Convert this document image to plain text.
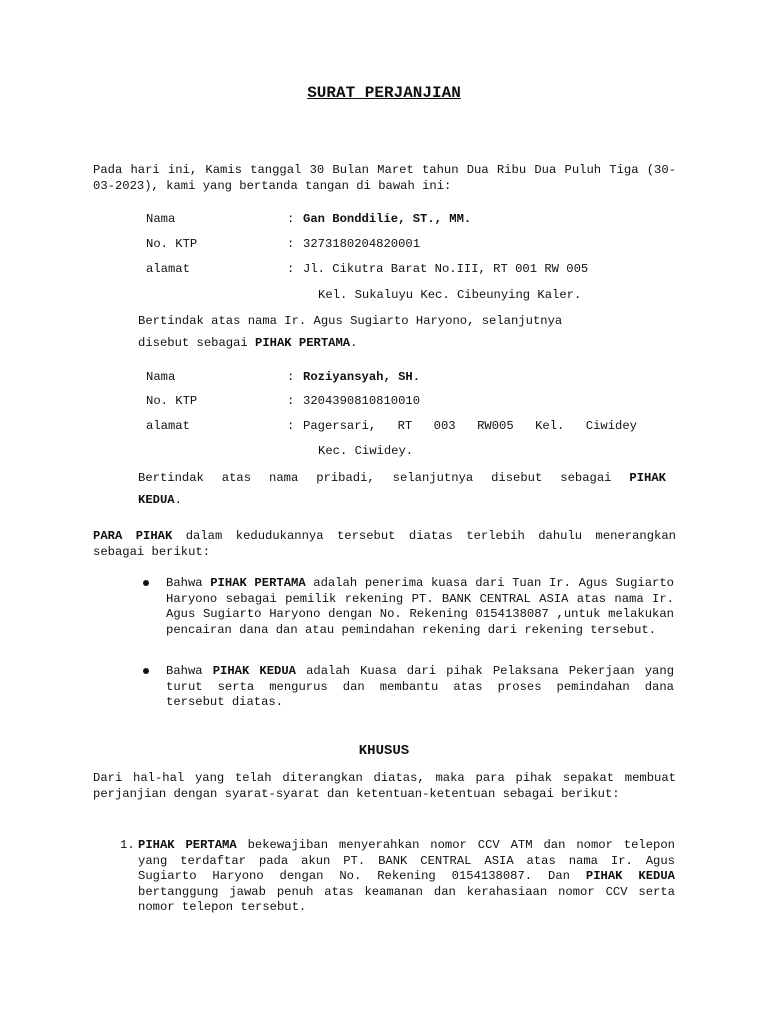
SURAT PERJANJIAN
Pada hari ini, Kamis tanggal 30 Bulan Maret tahun Dua Ribu Dua Puluh Tiga (30-03-2023), kami yang bertanda tangan di bawah ini:
Nama	: Gan Bonddilie, ST., MM.
No. KTP	: 3273180204820001
alamat	: Jl. Cikutra Barat No.III, RT 001 RW 005
Kel. Sukaluyu Kec. Cibeunying Kaler.
Bertindak atas nama Ir. Agus Sugiarto Haryono, selanjutnya
disebut sebagai PIHAK PERTAMA.
Nama	: Roziyansyah, SH.
No. KTP	: 3204390810810010
alamat	: Pagersari, RT 003 RW005 Kel. Ciwidey
Kec. Ciwidey.
Bertindak atas nama pribadi, selanjutnya disebut sebagai PIHAK
KEDUA.
PARA PIHAK dalam kedudukannya tersebut diatas terlebih dahulu menerangkan sebagai berikut:
Bahwa PIHAK PERTAMA adalah penerima kuasa dari Tuan Ir. Agus Sugiarto Haryono sebagai pemilik rekening PT. BANK CENTRAL ASIA atas nama Ir. Agus Sugiarto Haryono dengan No. Rekening 0154138087 ,untuk melakukan pencairan dana dan atau pemindahan rekening dari rekening tersebut.
Bahwa PIHAK KEDUA adalah Kuasa dari pihak Pelaksana Pekerjaan yang turut serta mengurus dan membantu atas proses pemindahan dana tersebut diatas.
KHUSUS
Dari hal-hal yang telah diterangkan diatas, maka para pihak sepakat membuat perjanjian dengan syarat-syarat dan ketentuan-ketentuan sebagai berikut:
1. PIHAK PERTAMA bekewajiban menyerahkan nomor CCV ATM dan nomor telepon yang terdaftar pada akun PT. BANK CENTRAL ASIA atas nama Ir. Agus Sugiarto Haryono dengan No. Rekening 0154138087. Dan PIHAK KEDUA bertanggung jawab penuh atas keamanan dan kerahasiaan nomor CCV serta nomor telepon tersebut.
